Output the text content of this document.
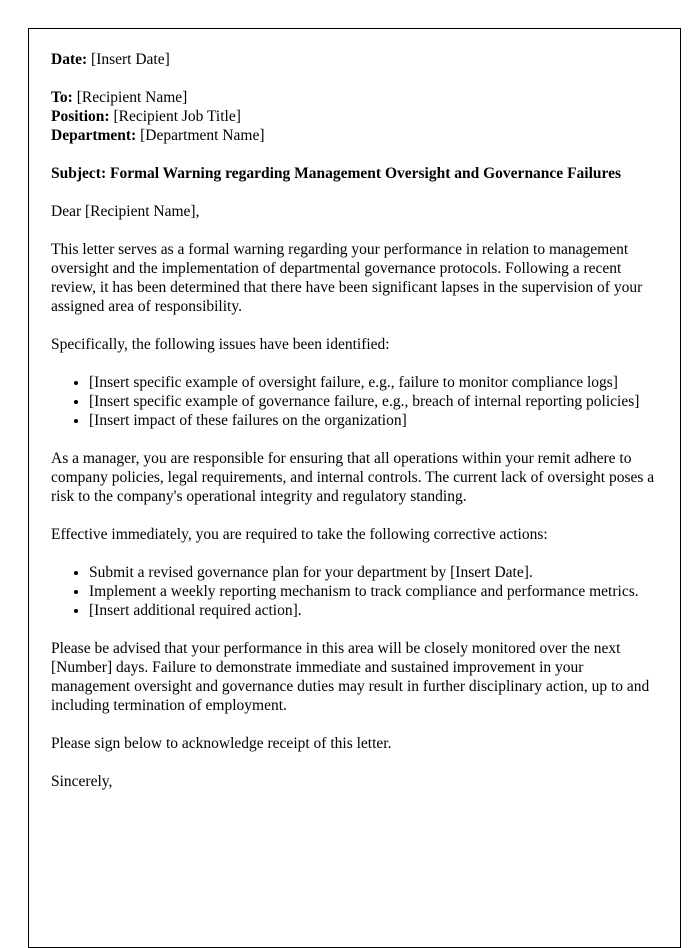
Date: [Insert Date]

To: [Recipient Name]

Position: [Recipient Job Title]

Department: [Department Name]

Subject: Formal Warning regarding Management Oversight and Governance Failures

Dear [Recipient Name],

This letter serves as a formal warning regarding your performance in relation to management oversight and the implementation of departmental governance protocols. Following a recent review, it has been determined that there have been significant lapses in the supervision of your assigned area of responsibility.

Specifically, the following issues have been identified:

• [Insert specific example of oversight failure, e.g., failure to monitor compliance logs]
• [Insert specific example of governance failure, e.g., breach of internal reporting policies]
• [Insert impact of these failures on the organization]

As a manager, you are responsible for ensuring that all operations within your remit adhere to company policies, legal requirements, and internal controls. The current lack of oversight poses a risk to the company's operational integrity and regulatory standing.

Effective immediately, you are required to take the following corrective actions:

• Submit a revised governance plan for your department by [Insert Date].
• Implement a weekly reporting mechanism to track compliance and performance metrics.
• [Insert additional required action].

Please be advised that your performance in this area will be closely monitored over the next [Number] days. Failure to demonstrate immediate and sustained improvement in your management oversight and governance duties may result in further disciplinary action, up to and including termination of employment.

Please sign below to acknowledge receipt of this letter.

Sincerely,
